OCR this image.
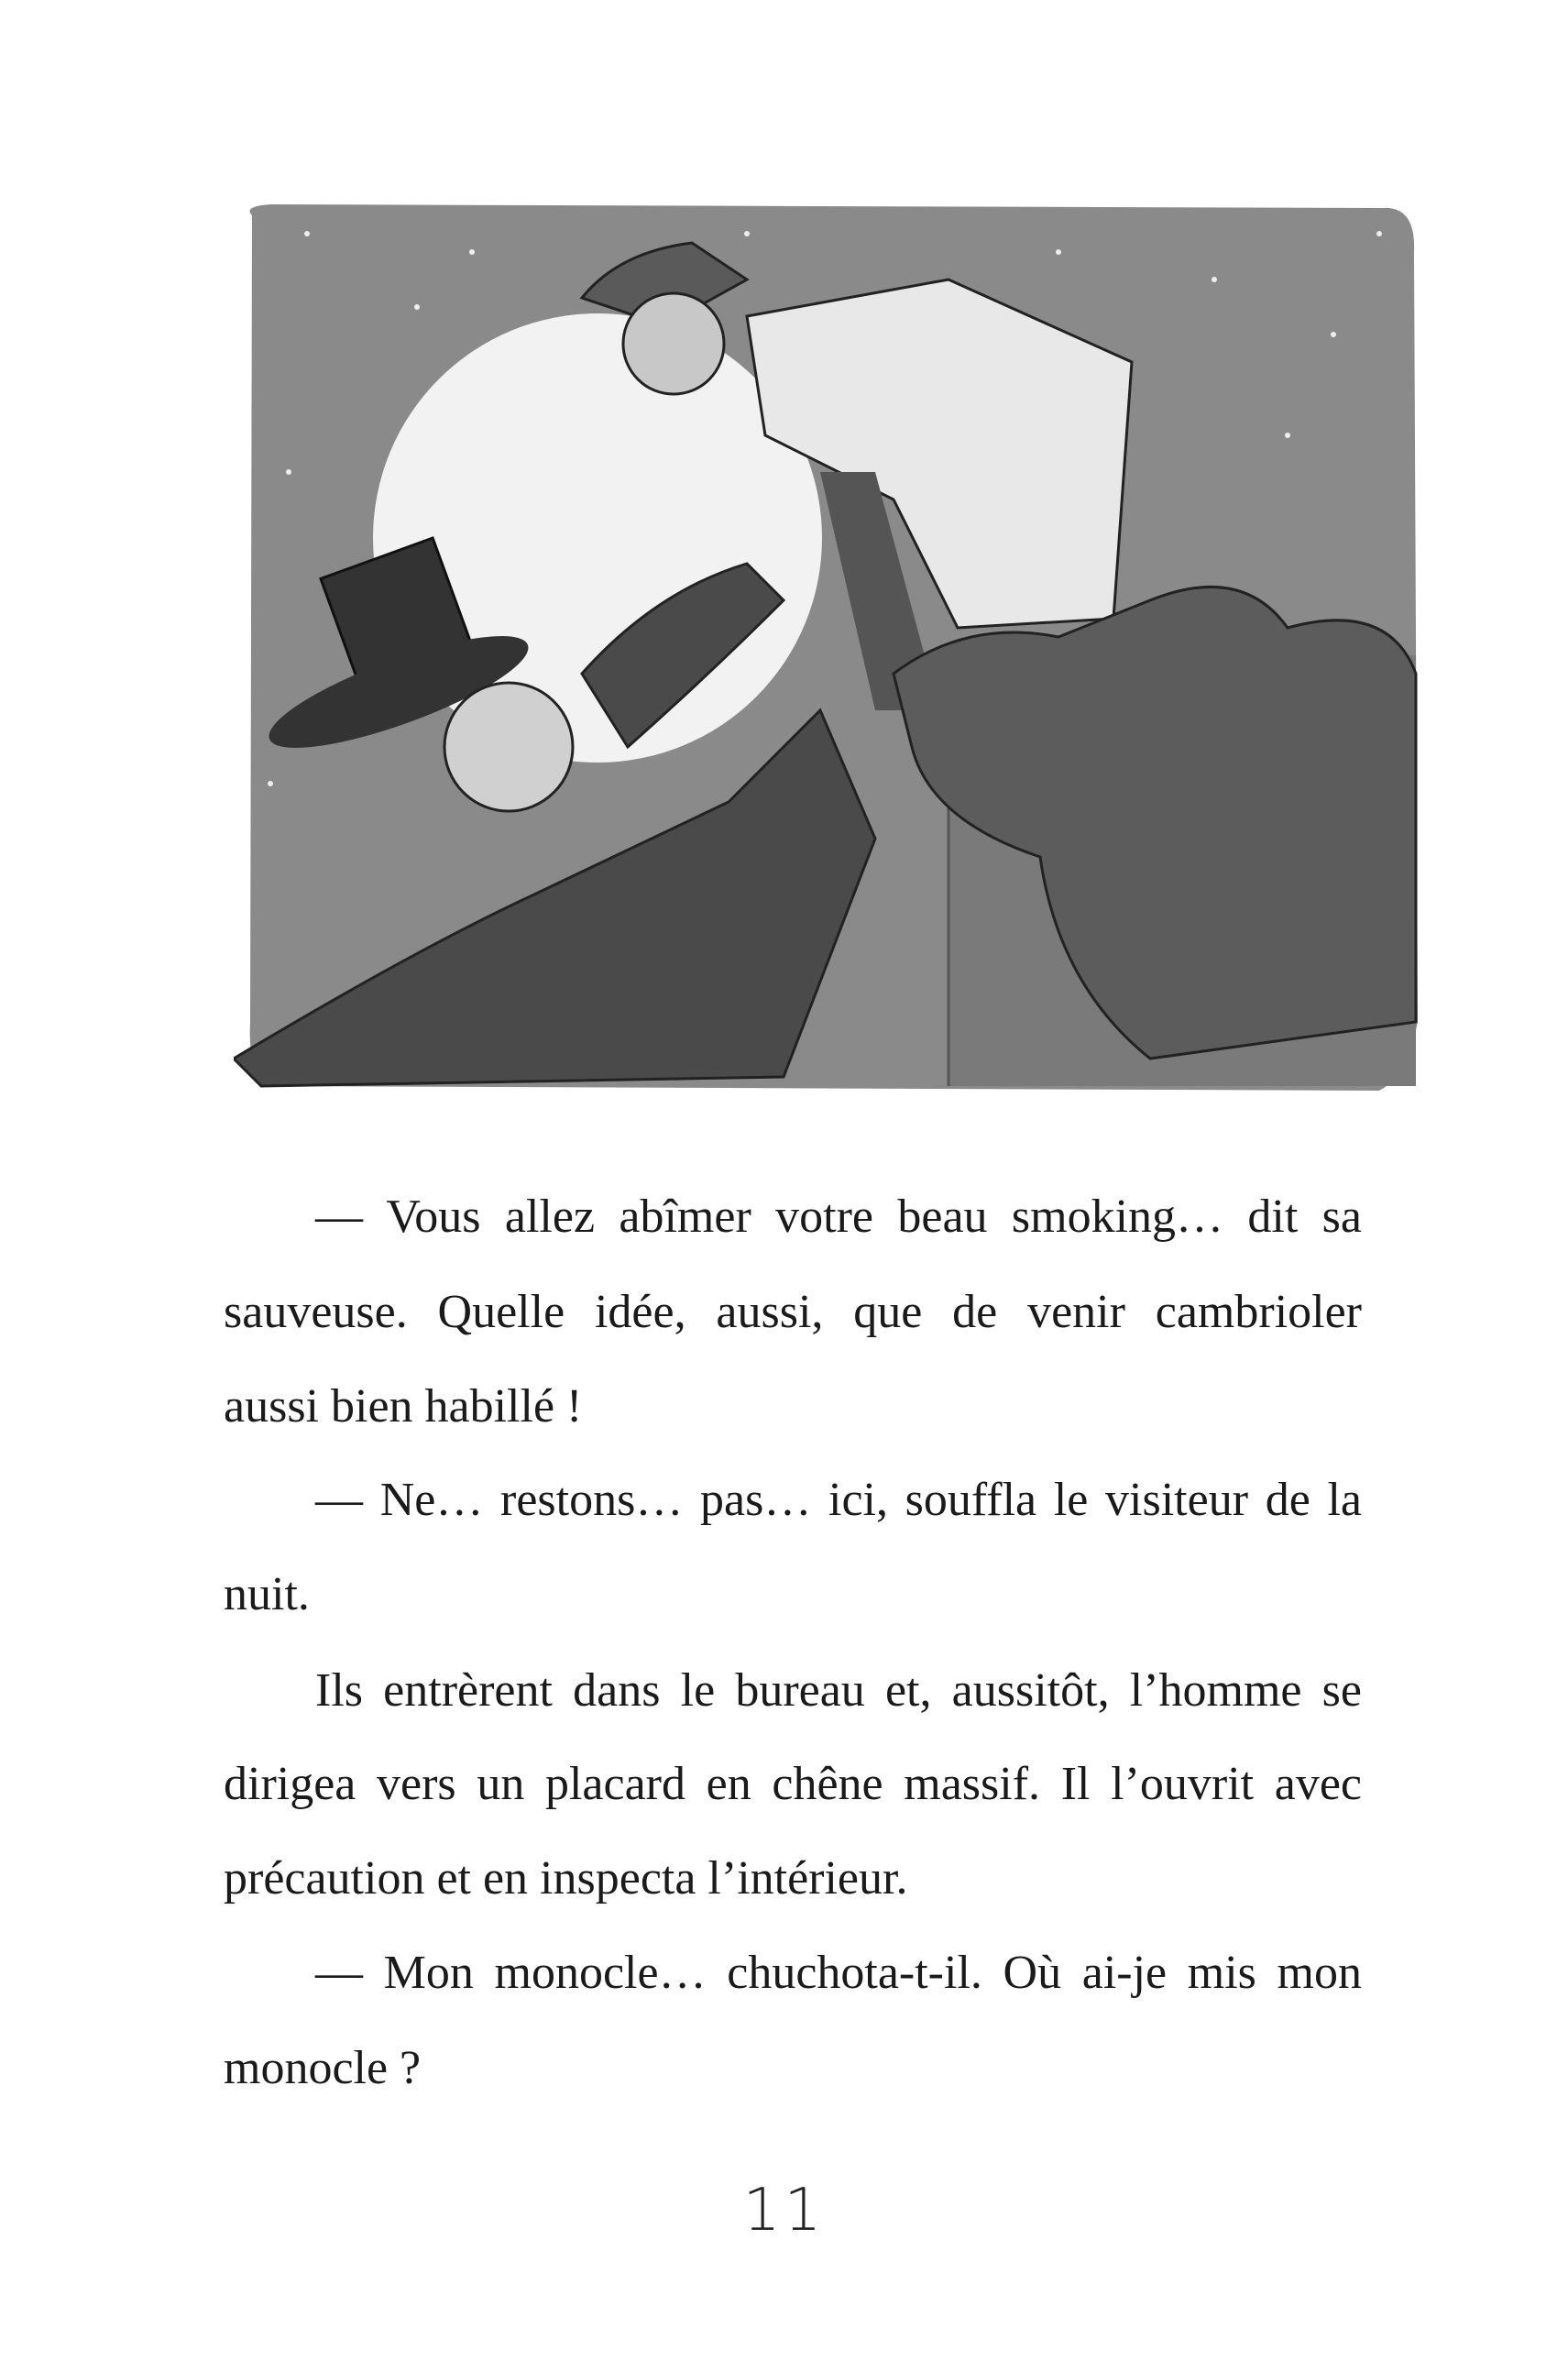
— Vous allez abîmer votre beau smoking… dit sa
sauveuse. Quelle idée, aussi, que de venir cambrioler
aussi bien habillé !
— Ne… restons… pas… ici, souffla le visiteur de la
nuit.
Ils entrèrent dans le bureau et, aussitôt, l’homme se
dirigea vers un placard en chêne massif. Il l’ouvrit avec
précaution et en inspecta l’intérieur.
— Mon monocle… chuchota-t-il. Où ai-je mis mon
monocle ?
11
